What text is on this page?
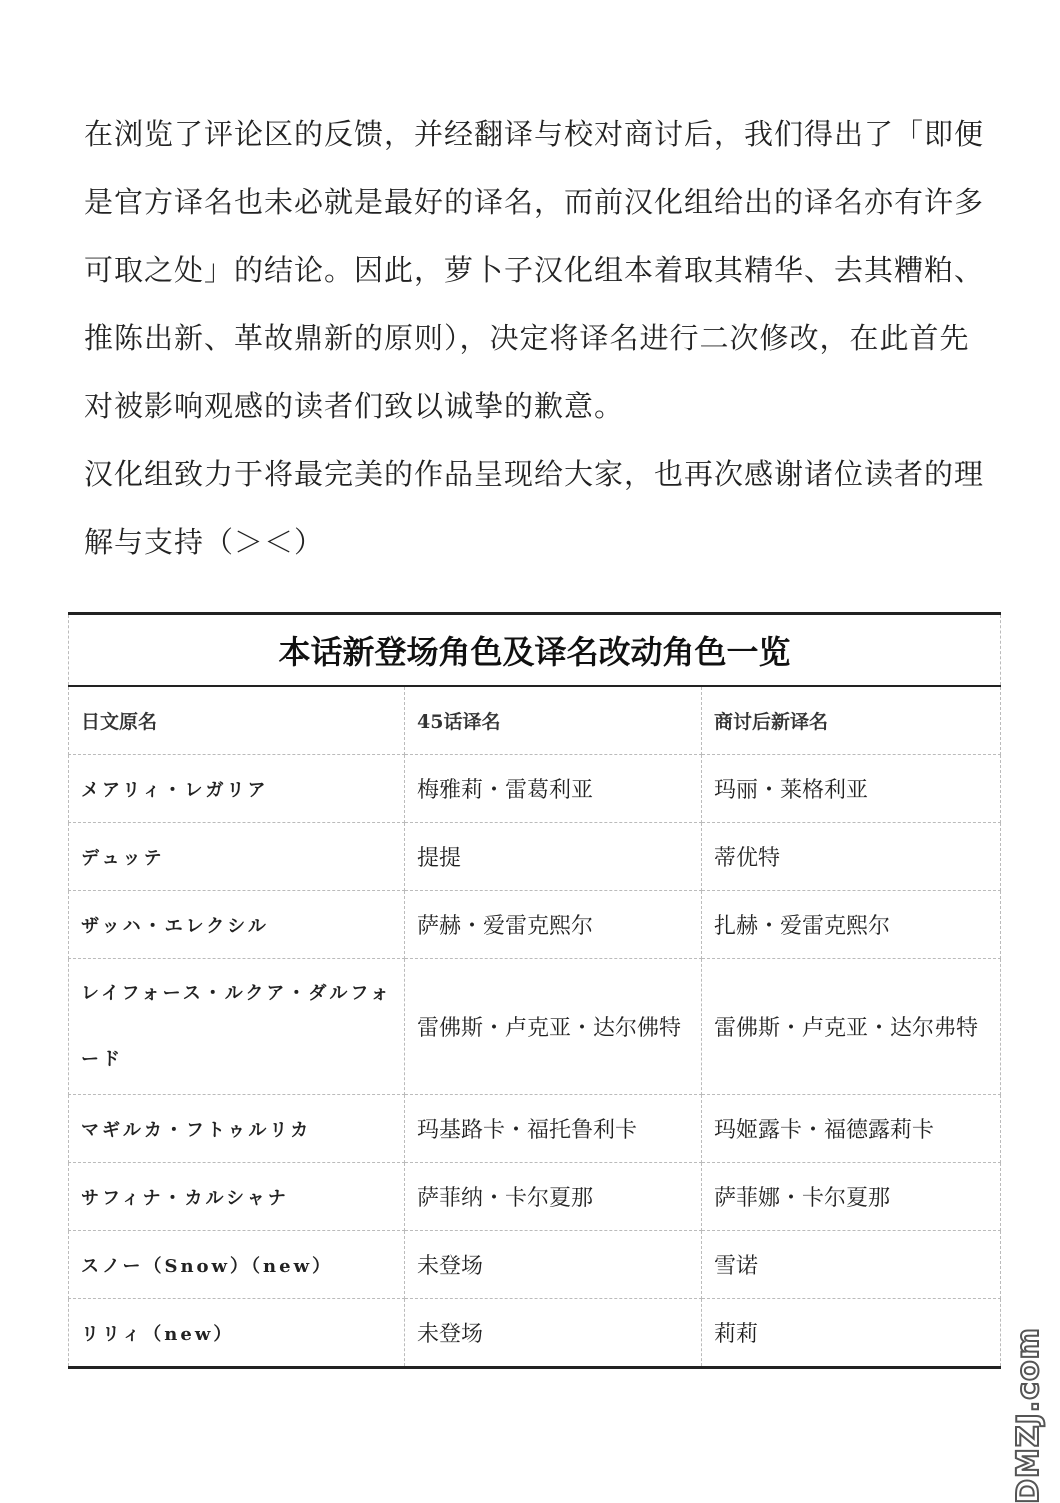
在浏览了评论区的反馈，并经翻译与校对商讨后，我们得出了「即便是官方译名也未必就是最好的译名，而前汉化组给出的译名亦有许多可取之处」的结论。因此，萝卜子汉化组本着取其精华、去其糟粕、推陈出新、革故鼎新的原则），决定将译名进行二次修改，在此首先对被影响观感的读者们致以诚挚的歉意。

汉化组致力于将最完美的作品呈现给大家，也再次感谢诸位读者的理解与支持（＞＜）

本话新登场角色及译名改动角色一览		
日文原名	45话译名	商讨后新译名
メアリィ・レガリア	梅雅莉・雷葛利亚	玛丽・莱格利亚
デュッテ	提提	蒂优特
ザッハ・エレクシル	萨赫・爱雷克熙尔	扎赫・爱雷克熙尔
レイフォース・ルクア・ダルフォード	雷佛斯・卢克亚・达尔佛特	雷佛斯・卢克亚・达尔弗特
マギルカ・フトゥルリカ	玛基路卡・福托鲁利卡	玛姬露卡・福德露莉卡
サフィナ・カルシャナ	萨菲纳・卡尔夏那	萨菲娜・卡尔夏那
スノー（Snow）（new）	未登场	雪诺
リリィ（new）	未登场	莉莉	DMZJ.com
